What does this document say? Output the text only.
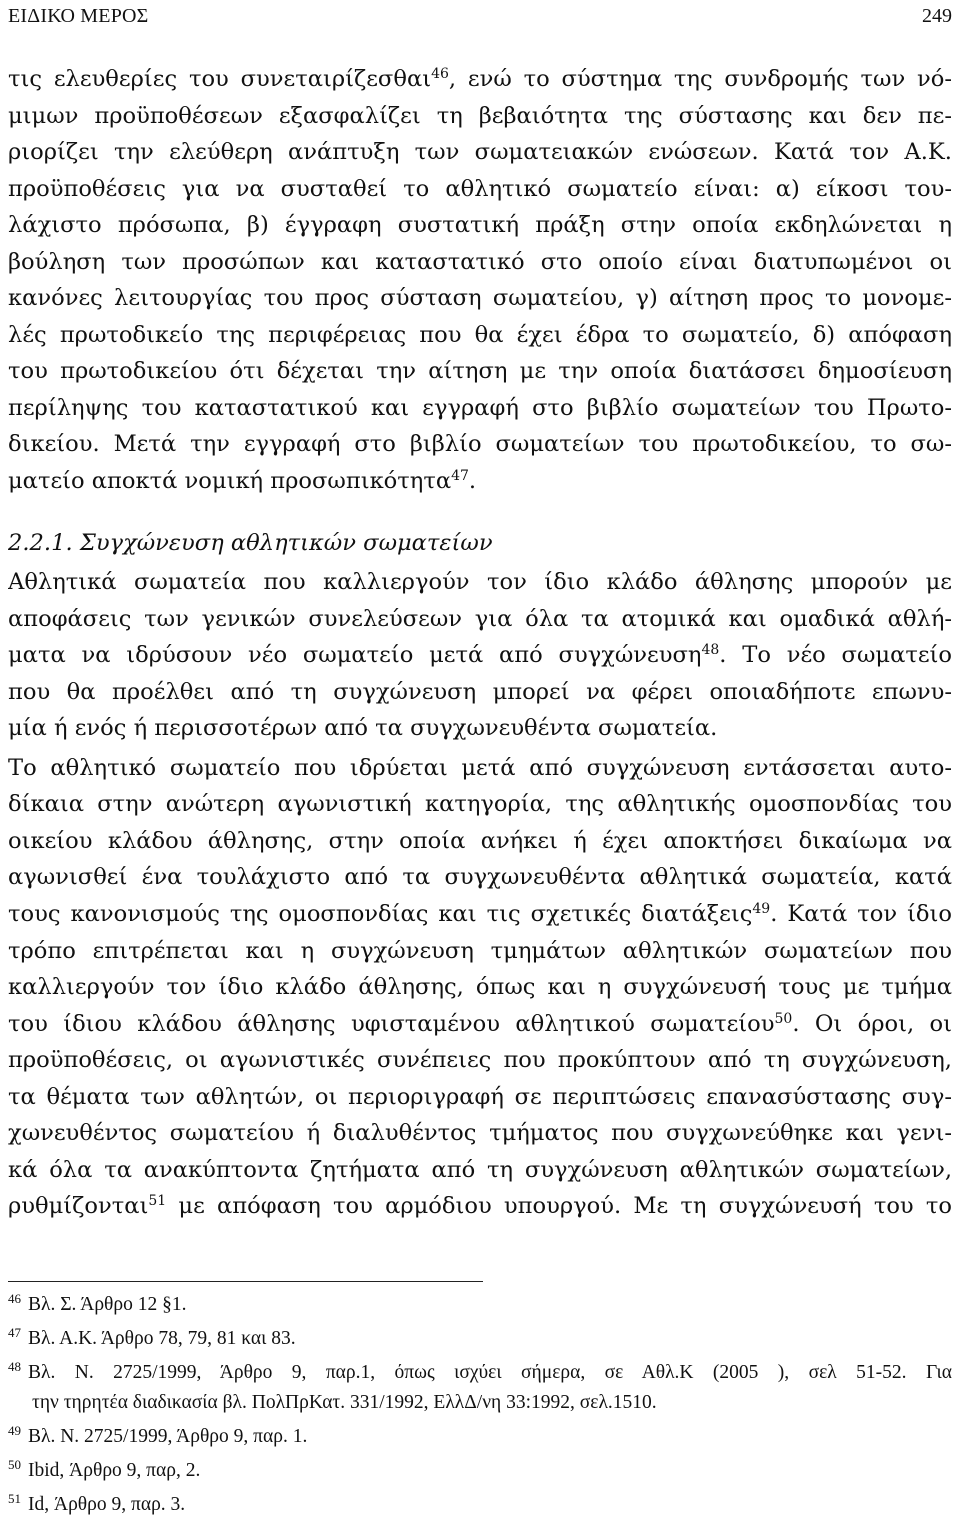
ΕΙΔΙΚΟ ΜΕΡΟΣ	249
τις ελευθερίες του συνεταιρίζεσθαι$^{46}$, ενώ το σύστημα της συνδρομής των νό-
μιμων προϋποθέσεων εξασφαλίζει τη βεβαιότητα της σύστασης και δεν πε-
ριορίζει την ελεύθερη ανάπτυξη των σωματειακών ενώσεων. Κατά τον Α.Κ.
προϋποθέσεις για να συσταθεί το αθλητικό σωματείο είναι: α) είκοσι του-
λάχιστο πρόσωπα, β) έγγραφη συστατική πράξη στην οποία εκδηλώνεται η
βούληση των προσώπων και καταστατικό στο οποίο είναι διατυπωμένοι οι
κανόνες λειτουργίας του προς σύσταση σωματείου, γ) αίτηση προς το μονομε-
λές πρωτοδικείο της περιφέρειας που θα έχει έδρα το σωματείο, δ) απόφαση
του πρωτοδικείου ότι δέχεται την αίτηση με την οποία διατάσσει δημοσίευση
περίληψης του καταστατικού και εγγραφή στο βιβλίο σωματείων του Πρωτο-
δικείου. Μετά την εγγραφή στο βιβλίο σωματείων του πρωτοδικείου, το σω-
ματείο αποκτά νομική προσωπικότητα$^{47}$.
2.2.1. Συγχώνευση αθλητικών σωματείων
Αθλητικά σωματεία που καλλιεργούν τον ίδιο κλάδο άθλησης μπορούν με
αποφάσεις των γενικών συνελεύσεων για όλα τα ατομικά και ομαδικά αθλή-
ματα να ιδρύσουν νέο σωματείο μετά από συγχώνευση$^{48}$. Το νέο σωματείο
που θα προέλθει από τη συγχώνευση μπορεί να φέρει οποιαδήποτε επωνυ-
μία ή ενός ή περισσοτέρων από τα συγχωνευθέντα σωματεία.
Το αθλητικό σωματείο που ιδρύεται μετά από συγχώνευση εντάσσεται αυτο-
δίκαια στην ανώτερη αγωνιστική κατηγορία, της αθλητικής ομοσπονδίας του
οικείου κλάδου άθλησης, στην οποία ανήκει ή έχει αποκτήσει δικαίωμα να
αγωνισθεί ένα τουλάχιστο από τα συγχωνευθέντα αθλητικά σωματεία, κατά
τους κανονισμούς της ομοσπονδίας και τις σχετικές διατάξεις$^{49}$. Κατά τον ίδιο
τρόπο επιτρέπεται και η συγχώνευση τμημάτων αθλητικών σωματείων που
καλλιεργούν τον ίδιο κλάδο άθλησης, όπως και η συγχώνευσή τους με τμήμα
του ίδιου κλάδου άθλησης υφισταμένου αθλητικού σωματείου$^{50}$. Οι όροι, οι
προϋποθέσεις, οι αγωνιστικές συνέπειες που προκύπτουν από τη συγχώνευση,
τα θέματα των αθλητών, οι περιοριγραφή σε περιπτώσεις επανασύστασης συγ-
χωνευθέντος σωματείου ή διαλυθέντος τμήματος που συγχωνεύθηκε και γενι-
κά όλα τα ανακύπτοντα ζητήματα από τη συγχώνευση αθλητικών σωματείων,
ρυθμίζονται$^{51}$ με απόφαση του αρμόδιου υπουργού. Με τη συγχώνευσή του το
$^{46}$ Βλ. Σ. Άρθρο 12 §1.
$^{47}$ Βλ. Α.Κ. Άρθρο 78, 79, 81 και 83.
$^{48}$ Βλ. Ν. 2725/1999, Άρθρο 9, παρ.1, όπως ισχύει σήμερα, σε Αθλ.Κ (2005 ), σελ 51-52. Για
την τηρητέα διαδικασία βλ. ΠολΠρΚατ. 331/1992, ΕλλΔ/νη 33:1992, σελ.1510.
$^{49}$ Βλ. Ν. 2725/1999, Άρθρο 9, παρ. 1.
$^{50}$ Ibid, Άρθρο 9, παρ, 2.
$^{51}$ Id, Άρθρο 9, παρ. 3.
